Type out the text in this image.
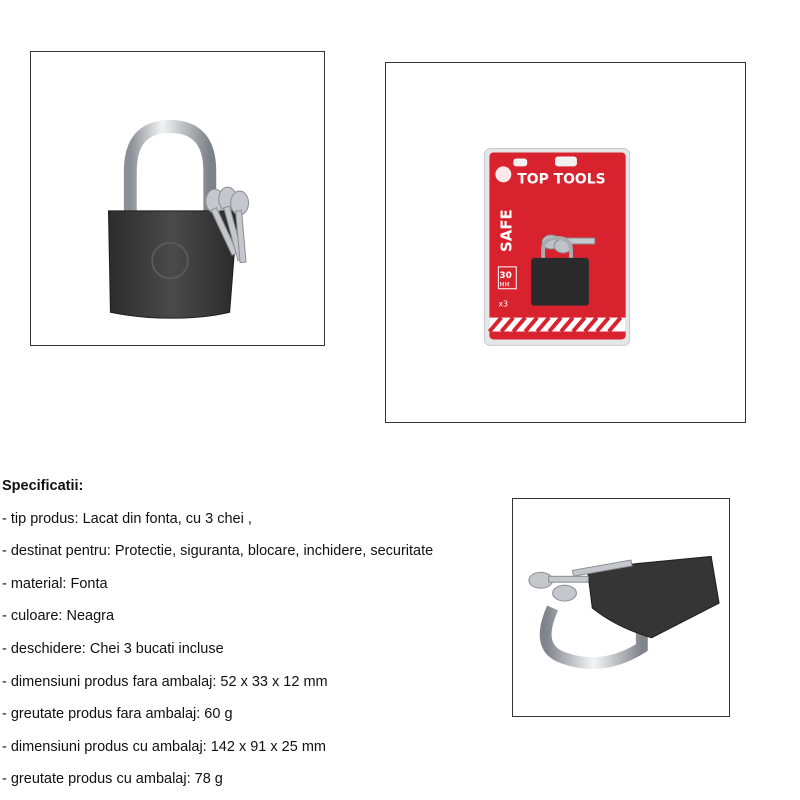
TOP TOOLS
SAFE
30
MM
x3
Specificatii:
- tip produs: Lacat din fonta, cu 3 chei ,
- destinat pentru: Protectie, siguranta, blocare, inchidere, securitate
- material: Fonta
- culoare: Neagra
- deschidere: Chei 3 bucati incluse
- dimensiuni produs fara ambalaj: 52 x 33 x 12 mm
- greutate produs fara ambalaj: 60 g
- dimensiuni produs cu ambalaj: 142 x 91 x 25 mm
- greutate produs cu ambalaj: 78 g
